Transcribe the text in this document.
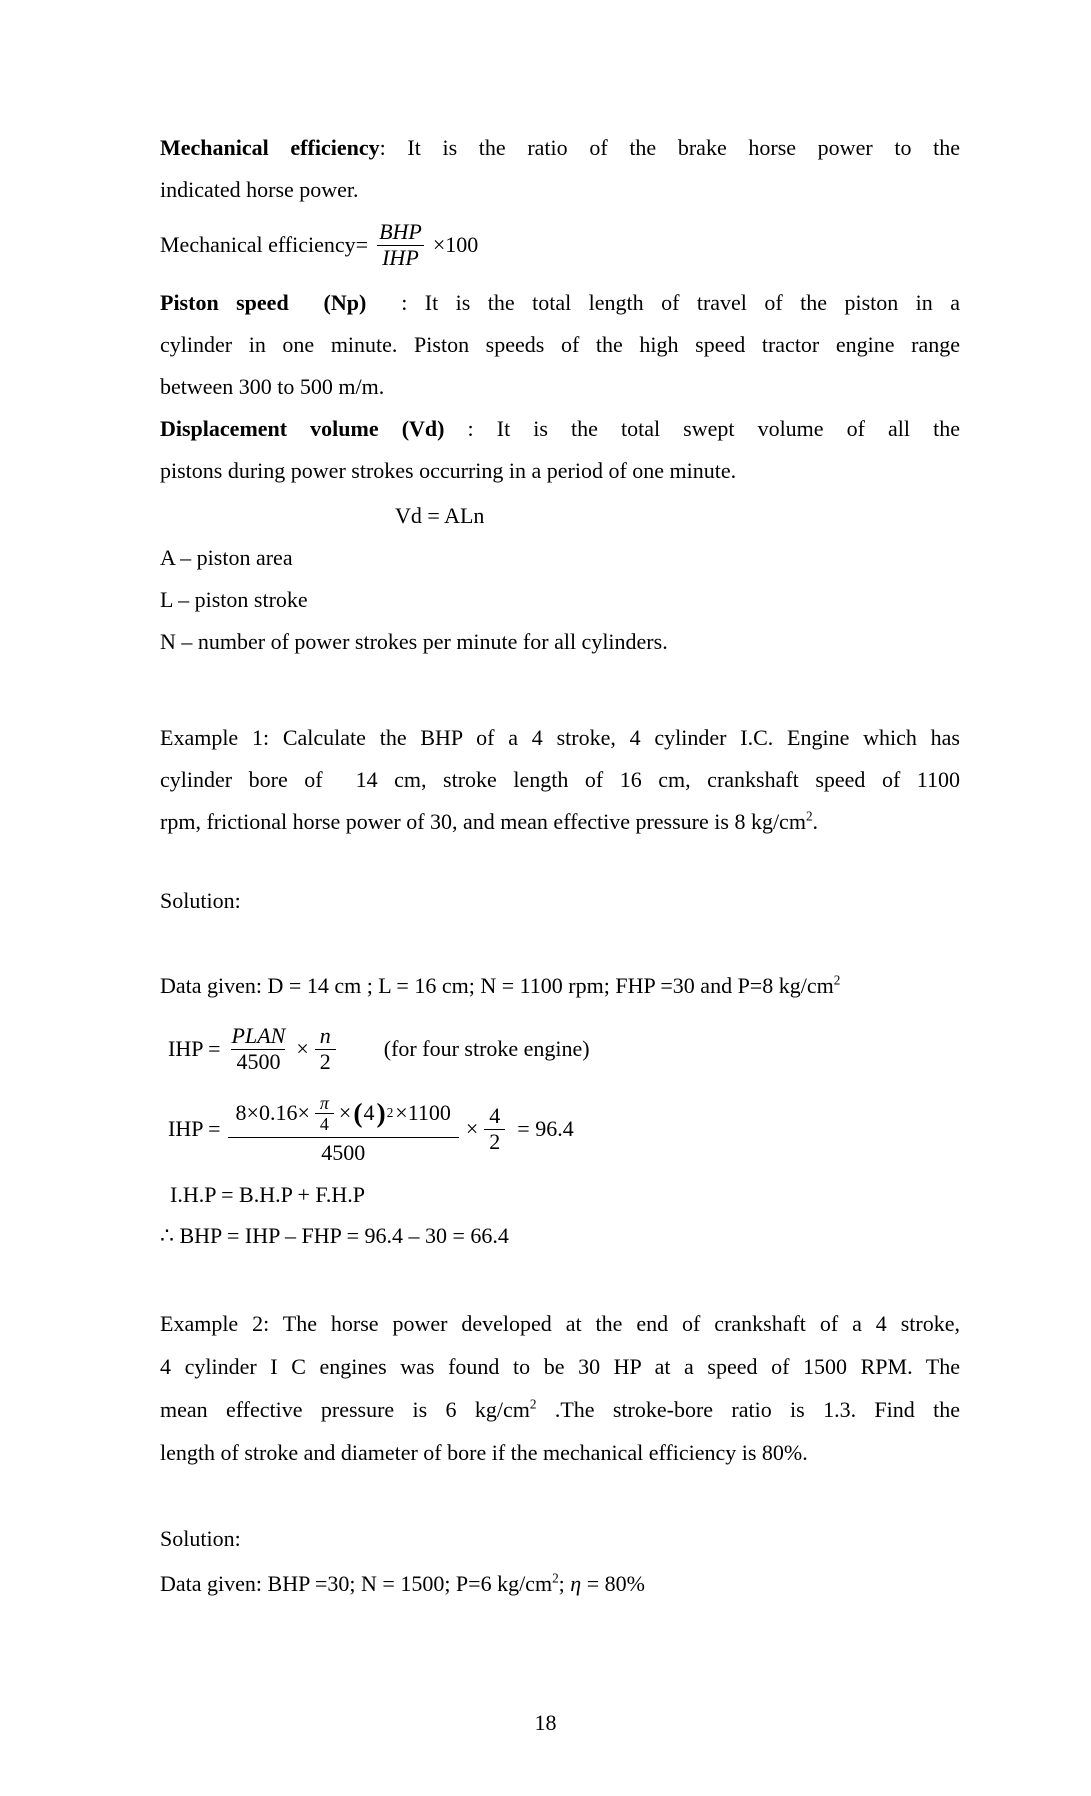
Mechanical efficiency: It is the ratio of the brake horse power to the
indicated horse power.
Mechanical efficiency= $\frac{\text{BHP}}{\text{IHP}} \times 100$
Piston speed  (Np)  : It is the total length of travel of the piston in a
cylinder in one minute. Piston speeds of the high speed tractor engine range
between 300 to 500 m/m.
Displacement volume (Vd) : It is the total swept volume of all the
pistons during power strokes occurring in a period of one minute.
Vd = ALn
A – piston area
L – piston stroke
N – number of power strokes per minute for all cylinders.
Example 1: Calculate the BHP of a 4 stroke, 4 cylinder I.C. Engine which has
cylinder bore of  14 cm, stroke length of 16 cm, crankshaft speed of 1100
rpm, frictional horse power of 30, and mean effective pressure is 8 $kg/cm^2$.
Solution:
Data given: D = 14 cm ; L = 16 cm; N = 1100 rpm; FHP =30 and P=8 $kg/cm^2$
IHP = $\frac{\text{PLAN}}{4500} \times \frac{n}{2} (for$ four stroke engine)
IHP = $\frac{8\times 0.16\times \frac{\pi}{4} \times ( 4 ) 2 \times 1100}{4500} \times \frac{4}{2} = 96.4$
I.H.P = B.H.P + F.H.P
∴ BHP = IHP – FHP = 96.4 – 30 = 66.4
Example 2: The horse power developed at the end of crankshaft of a 4 stroke,
4 cylinder I C engines was found to be 30 HP at a speed of 1500 RPM. The
mean effective pressure is 6 $kg/cm^2$ .The stroke-bore ratio is 1.3. Find the
length of stroke and diameter of bore if the mechanical efficiency is 80%.
Solution:
Data given: BHP =30; N = 1500; P=6 $kg/cm^2$; η = 80%
18
